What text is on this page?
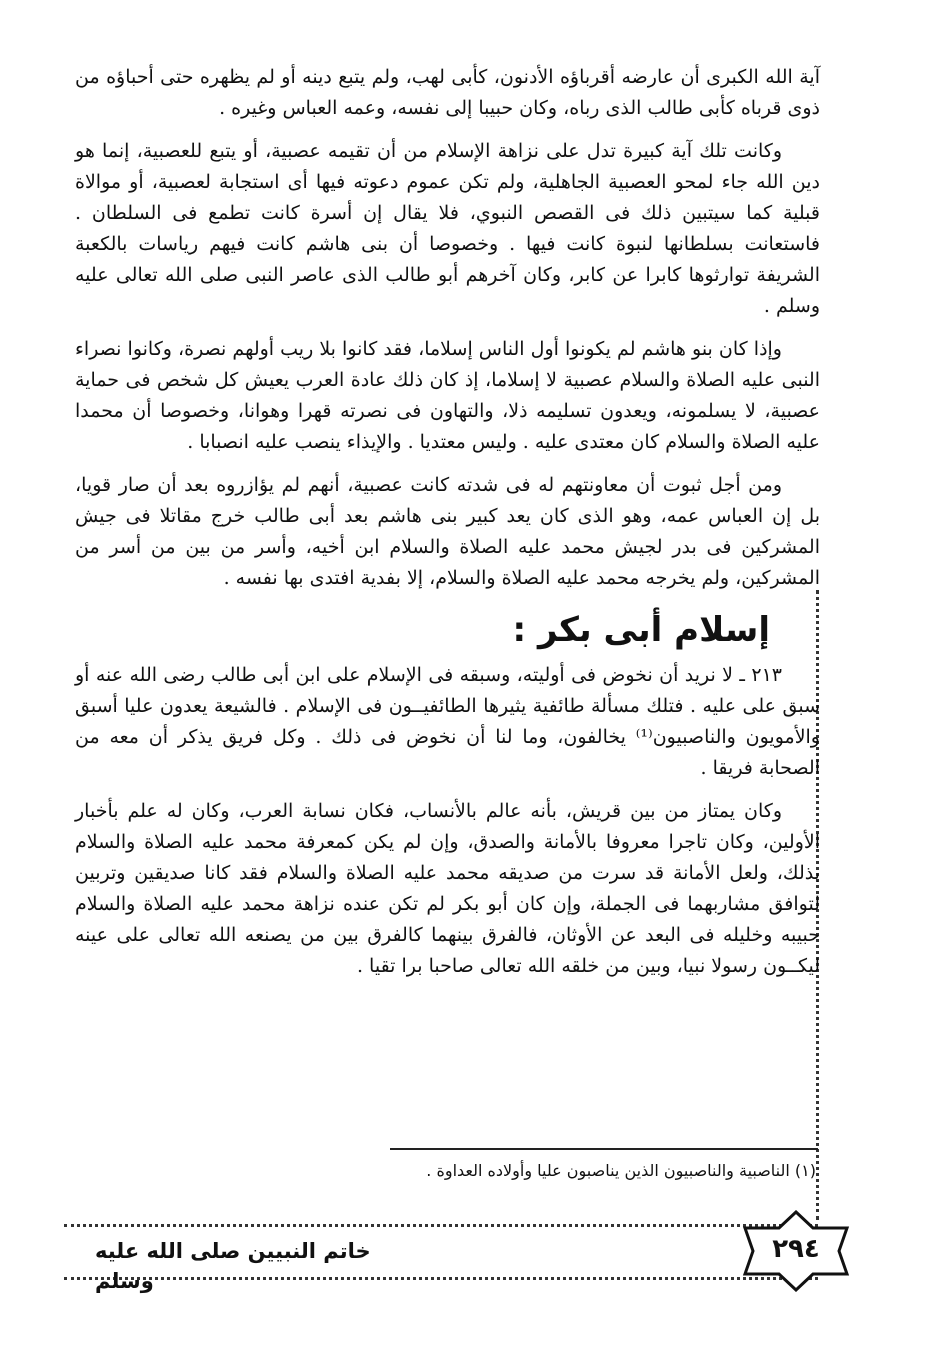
آية الله الكبرى أن عارضه أقرباؤه الأدنون، كأبى لهب، ولم يتبع دينه أو لم يظهره حتى أحباؤه من ذوى قرباه كأبى طالب الذى رباه، وكان حبيبا إلى نفسه، وعمه العباس وغيره .

وكانت تلك آية كبيرة تدل على نزاهة الإسلام من أن تقيمه عصبية، أو يتبع للعصبية، إنما هو دين الله جاء لمحو العصبية الجاهلية، ولم تكن عموم دعوته فيها أى استجابة لعصبية، أو موالاة قبلية كما سيتبين ذلك فى القصص النبوي، فلا يقال إن أسرة كانت تطمع فى السلطان . فاستعانت بسلطانها لنبوة كانت فيها . وخصوصا أن بنى هاشم كانت فيهم رياسات بالكعبة الشريفة توارثوها كابرا عن كابر، وكان آخرهم أبو طالب الذى عاصر النبى صلى الله تعالى عليه وسلم .

وإذا كان بنو هاشم لم يكونوا أول الناس إسلاما، فقد كانوا بلا ريب أولهم نصرة، وكانوا نصراء النبى عليه الصلاة والسلام عصبية لا إسلاما، إذ كان ذلك عادة العرب يعيش كل شخص فى حماية عصبية، لا يسلمونه، ويعدون تسليمه ذلا، والتهاون فى نصرته قهرا وهوانا، وخصوصا أن محمدا عليه الصلاة والسلام كان معتدى عليه . وليس معتديا . والإيذاء ينصب عليه انصبابا .

ومن أجل ثبوت أن معاونتهم له فى شدته كانت عصبية، أنهم لم يؤازروه بعد أن صار قويا، بل إن العباس عمه، وهو الذى كان يعد كبير بنى هاشم بعد أبى طالب خرج مقاتلا فى جيش المشركين فى بدر لجيش محمد عليه الصلاة والسلام ابن أخيه، وأسر من بين من أسر من المشركين، ولم يخرجه محمد عليه الصلاة والسلام، إلا بفدية افتدى بها نفسه .

إسلام أبى بكر :

٢١٣ ـ لا نريد أن نخوض فى أوليته، وسبقه فى الإسلام على ابن أبى طالب رضى الله عنه أو سبق على عليه . فتلك مسألة طائفية يثيرها الطائفيــون فى الإسلام . فالشيعة يعدون عليا أسبق والأمويون والناصبيون⁽¹⁾ يخالفون، وما لنا أن نخوض فى ذلك . وكل فريق يذكر أن معه من الصحابة فريقا .

وكان يمتاز من بين قريش، بأنه عالم بالأنساب، فكان نسابة العرب، وكان له علم بأخبار الأولين، وكان تاجرا معروفا بالأمانة والصدق، وإن لم يكن كمعرفة محمد عليه الصلاة والسلام بذلك، ولعل الأمانة قد سرت من صديقه محمد عليه الصلاة والسلام فقد كانا صديقين وتربين لتوافق مشاربهما فى الجملة، وإن كان أبو بكر لم تكن عنده نزاهة محمد عليه الصلاة والسلام حبيبه وخليله فى البعد عن الأوثان، فالفرق بينهما كالفرق بين من يصنعه الله تعالى على عينه ليكــون رسولا نبيا، وبين من خلقه الله تعالى صاحبا برا تقيا .

(١) الناصبية والناصبيون الذين يناصبون عليا وأولاده العداوة .
٢٩٤
خاتم النبيين صلى الله عليه وسلم
